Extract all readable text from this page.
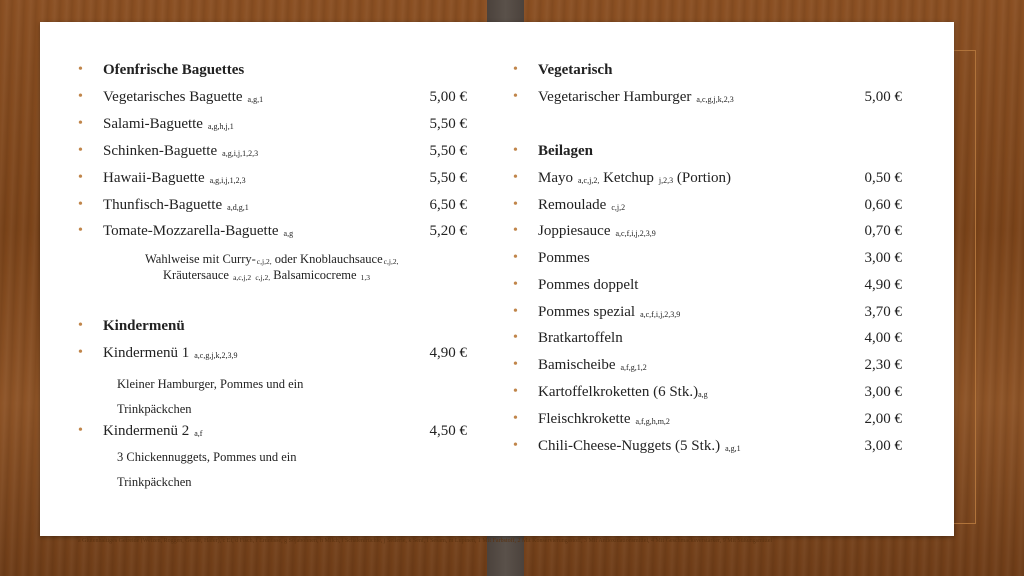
• Ofenfrische Baguettes
• Vegetarisches Baguette a,g,1	5,00 €
• Salami-Baguette a,g,h,j,1	5,50 €
• Schinken-Baguette a,g,i,j,1,2,3	5,50 €
• Hawaii-Baguette a,g,i,j,1,2,3	5,50 €
• Thunfisch-Baguette a,d,g,1	6,50 €
• Tomate-Mozzarella-Baguette a,g	5,20 €
Wahlweise mit Curry-c,j,2, oder Knoblauchsaucec,j,2,
Kräutersauce a,c,j,2 c,j,2, Balsamicocreme 1,3
• Kindermenü
• Kindermenü 1 a,c,g,j,k,2,3,9	4,90 €
Kleiner Hamburger, Pommes und ein
Trinkpäckchen
• Kindermenü 2 a,f	4,50 €
3 Chickennuggets, Pommes und ein
Trinkpäckchen
• Vegetarisch
• Vegetarischer Hamburger a,c,g,j,k,2,3	5,00 €
• Beilagen
• Mayo a,c,j,2, Ketchup j,2,3 (Portion)	0,50 €
• Remoulade c,j,2	0,60 €
• Joppiesauce a,c,f,i,j,2,3,9	0,70 €
• Pommes	3,00 €
• Pommes doppelt	4,90 €
• Pommes spezial a,c,f,i,j,2,3,9	3,70 €
• Bratkartoffeln	4,00 €
• Bamischeibe a,f,g,1,2	2,30 €
• Kartoffelkroketten (6 Stk.)a,g	3,00 €
• Fleischkrokette a,f,g,h,m,2	2,00 €
• Chili-Cheese-Nuggets (5 Stk.) a,g,1	3,00 €
a Glutenhaltiges Getreide (Weizen, Roggen, Gerste, Hafer), c Ei, d Fisch, f Erdnüsse, g Sojabohnen, h Milch, i Schalenfrüchte, j Sellerie, k Senf, l Sesam, m Lupinen, 1 Mit Farbstoff, 2 Mit Konservierungsstoff, 3 Mit Antioxidationsmittel, 4 Mit Geschmacksverstärker, 9 Mit Süßungsmittel
